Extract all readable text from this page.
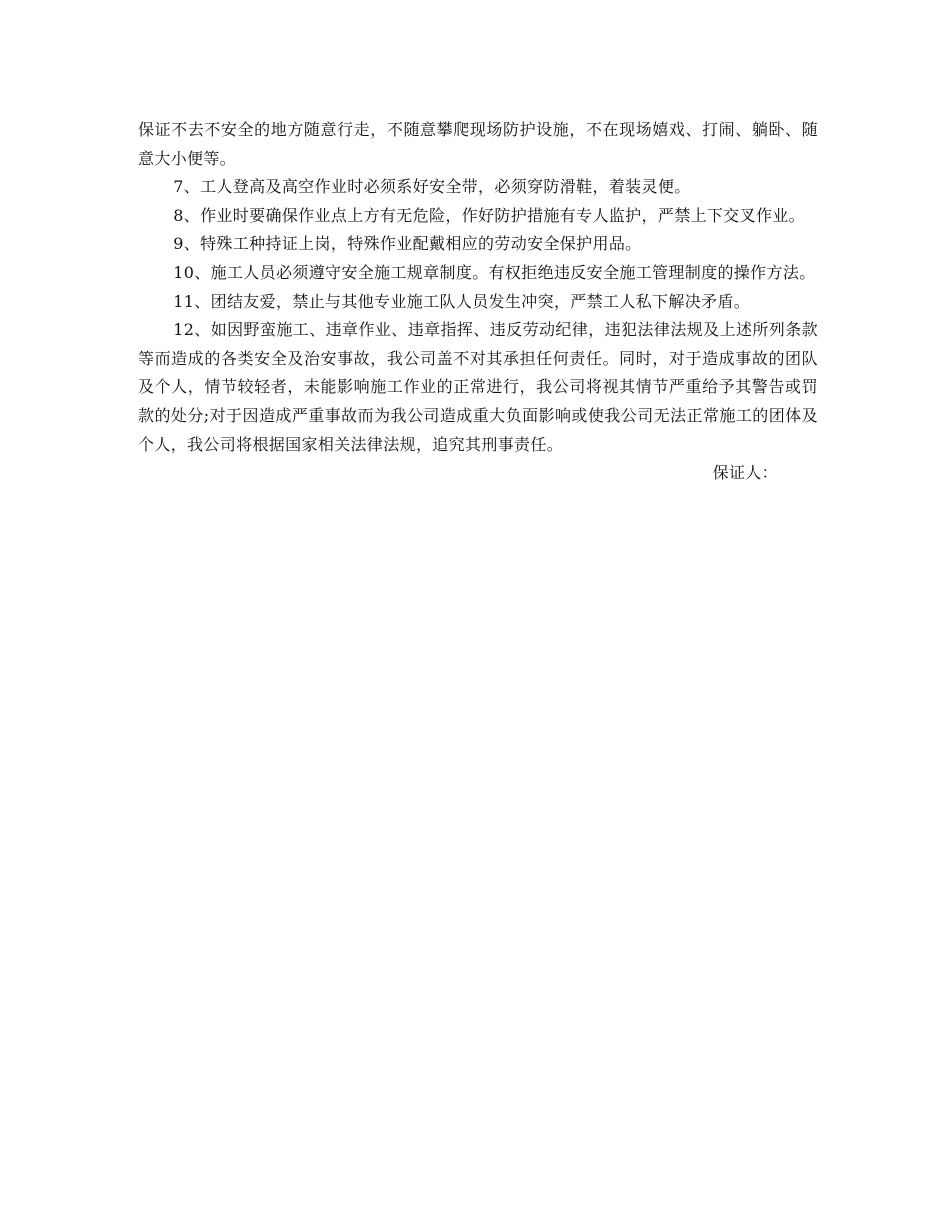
保证不去不安全的地方随意行走，不随意攀爬现场防护设施，不在现场嬉戏、打闹、躺卧、随意大小便等。

7、工人登高及高空作业时必须系好安全带，必须穿防滑鞋，着装灵便。

8、作业时要确保作业点上方有无危险，作好防护措施有专人监护，严禁上下交叉作业。

9、特殊工种持证上岗，特殊作业配戴相应的劳动安全保护用品。

10、施工人员必须遵守安全施工规章制度。有权拒绝违反安全施工管理制度的操作方法。

11、团结友爱，禁止与其他专业施工队人员发生冲突，严禁工人私下解决矛盾。

12、如因野蛮施工、违章作业、违章指挥、违反劳动纪律，违犯法律法规及上述所列条款等而造成的各类安全及治安事故，我公司盖不对其承担任何责任。同时，对于造成事故的团队及个人，情节较轻者，未能影响施工作业的正常进行，我公司将视其情节严重给予其警告或罚款的处分;对于因造成严重事故而为我公司造成重大负面影响或使我公司无法正常施工的团体及个人，我公司将根据国家相关法律法规，追究其刑事责任。

保证人：
